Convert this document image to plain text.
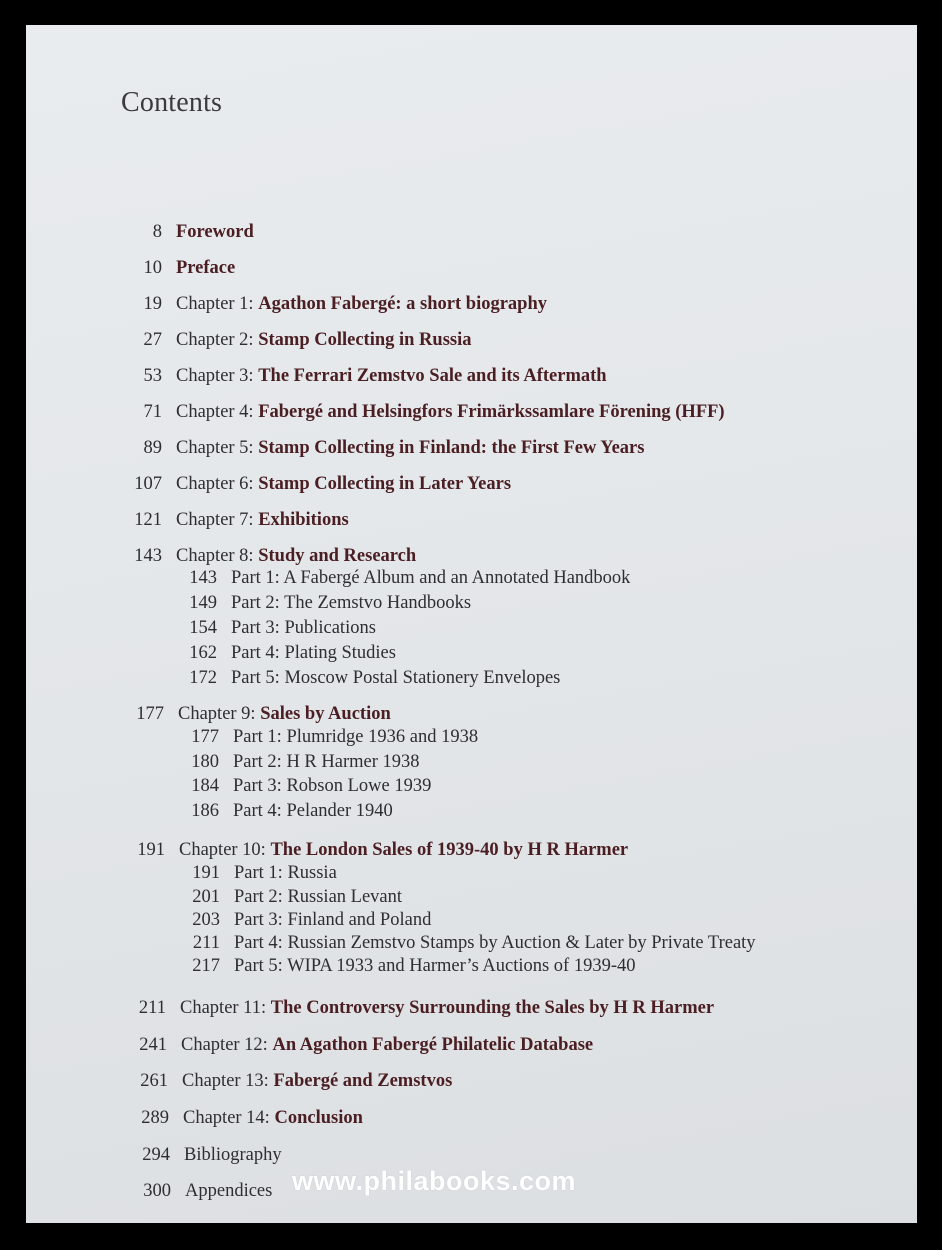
Contents
8 Foreword
10 Preface
19 Chapter 1: Agathon Fabergé: a short biography
27 Chapter 2: Stamp Collecting in Russia
53 Chapter 3: The Ferrari Zemstvo Sale and its Aftermath
71 Chapter 4: Fabergé and Helsingfors Frimärkssamlare Förening (HFF)
89 Chapter 5: Stamp Collecting in Finland: the First Few Years
107 Chapter 6: Stamp Collecting in Later Years
121 Chapter 7: Exhibitions
143 Chapter 8: Study and Research
143 Part 1: A Fabergé Album and an Annotated Handbook
149 Part 2: The Zemstvo Handbooks
154 Part 3: Publications
162 Part 4: Plating Studies
172 Part 5: Moscow Postal Stationery Envelopes
177 Chapter 9: Sales by Auction
177 Part 1: Plumridge 1936 and 1938
180 Part 2: H R Harmer 1938
184 Part 3: Robson Lowe 1939
186 Part 4: Pelander 1940
191 Chapter 10: The London Sales of 1939-40 by H R Harmer
191 Part 1: Russia
201 Part 2: Russian Levant
203 Part 3: Finland and Poland
211 Part 4: Russian Zemstvo Stamps by Auction & Later by Private Treaty
217 Part 5: WIPA 1933 and Harmer’s Auctions of 1939-40
211 Chapter 11: The Controversy Surrounding the Sales by H R Harmer
241 Chapter 12: An Agathon Fabergé Philatelic Database
261 Chapter 13: Fabergé and Zemstvos
289 Chapter 14: Conclusion
294 Bibliography
300 Appendices www.philabooks.com
